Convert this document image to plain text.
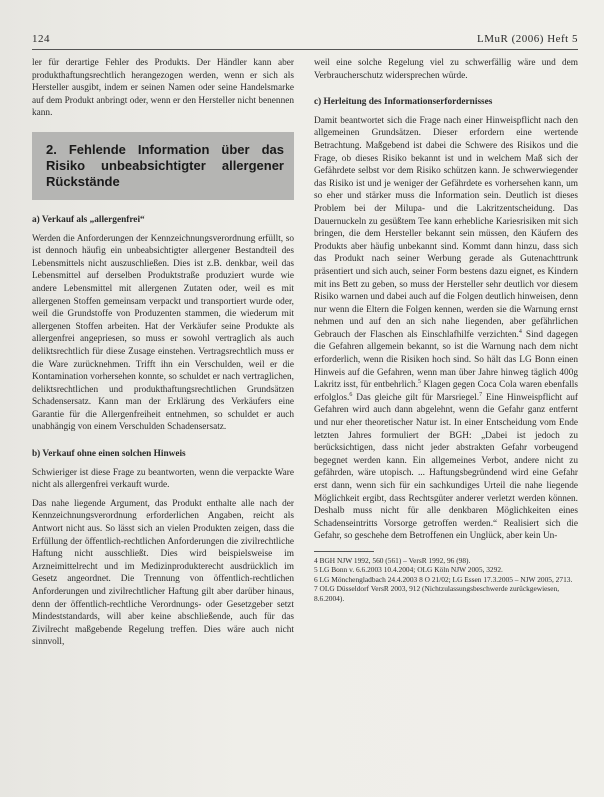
124	LMuR (2006) Heft 5

ler für derartige Fehler des Produkts. Der Händler kann aber produkthaftungsrechtlich herangezogen werden, wenn er sich als Hersteller ausgibt, indem er seinen Namen oder seine Handelsmarke auf dem Produkt anbringt oder, wenn er den Hersteller nicht benennen kann.

2. Fehlende Information über das Risiko unbeabsichtigter allergener Rückstände
a) Verkauf als „allergenfrei“

Werden die Anforderungen der Kennzeichnungsverordnung erfüllt, so ist dennoch häufig ein unbeabsichtigter allergener Bestandteil des Lebensmittels nicht auszuschließen. Dies ist z.B. denkbar, weil das Lebensmittel auf derselben Produktstraße produziert wurde wie andere Lebensmittel mit allergenen Zutaten oder, weil es mit allergenen Stoffen gemeinsam verpackt und transportiert wurde oder, weil die Grundstoffe von Produzenten stammen, die wiederum mit allergenen Stoffen arbeiten. Hat der Verkäufer seine Produkte als allergenfrei angepriesen, so muss er sowohl vertraglich als auch deliktsrechtlich für diese Zusage einstehen. Vertragsrechtlich muss er die Ware zurücknehmen. Trifft ihn ein Verschulden, weil er die Kontamination vorhersehen konnte, so schuldet er nach vertraglichen, deliktsrechtlichen und produkthaftungsrechtlichen Grundsätzen Schadensersatz. Kann man der Erklärung des Verkäufers eine Garantie für die Allergenfreiheit entnehmen, so schuldet er auch unabhängig von einem Verschulden Schadensersatz.

b) Verkauf ohne einen solchen Hinweis

Schwieriger ist diese Frage zu beantworten, wenn die verpackte Ware nicht als allergenfrei verkauft wurde.

Das nahe liegende Argument, das Produkt enthalte alle nach der Kennzeichnungsverordnung erforderlichen Angaben, reicht als Antwort nicht aus. So lässt sich an vielen Produkten zeigen, dass die Erfüllung der öffentlich-rechtlichen Anforderungen die zivilrechtliche Haftung nicht ausschließt. Dies wird beispielsweise im Arzneimittelrecht und im Medizinprodukterecht ausdrücklich im Gesetz angeordnet. Die Trennung von öffentlich-rechtlichen Anforderungen und zivilrechtlicher Haftung gilt aber darüber hinaus, denn der öffentlich-rechtliche Verordnungs- oder Gesetzgeber setzt Mindeststandards, will aber keine abschließende, auch für das Zivilrecht maßgebende Regelung treffen. Dies wäre auch nicht sinnvoll,

weil eine solche Regelung viel zu schwerfällig wäre und dem Verbraucherschutz widersprechen würde.

c) Herleitung des Informationserfordernisses

Damit beantwortet sich die Frage nach einer Hinweispflicht nach den allgemeinen Grundsätzen. Dieser erfordern eine wertende Betrachtung. Maßgebend ist dabei die Schwere des Risikos und die Frage, ob dieses Risiko bekannt ist und in welchem Maß sich der Gefährdete selbst vor dem Risiko schützen kann. Je schwerwiegender das Risiko ist und je weniger der Gefährdete es vorhersehen kann, um so eher und stärker muss die Information sein. Deutlich ist dieses Problem bei der Milupa- und die Lakritzentscheidung. Das Dauernuckeln zu gesüßtem Tee kann erhebliche Kariesrisiken mit sich bringen, die dem Hersteller bekannt sein müssen, den Käufern des Produkts aber häufig unbekannt sind. Kommt dann hinzu, dass sich das Produkt nach seiner Werbung gerade als Gutenachttrunk präsentiert und sich auch, seiner Form bestens dazu eignet, es Kindern mit ins Bett zu geben, so muss der Hersteller sehr deutlich vor diesem Risiko warnen und dabei auch auf die Folgen deutlich hinweisen, denn nur wenn die Eltern die Folgen kennen, werden sie die Warnung ernst nehmen und auf den an sich nahe liegenden, aber gefährlichen Gebrauch der Flaschen als Einschlafhilfe verzichten.$^4$ Sind dagegen die Gefahren allgemein bekannt, so ist die Warnung nach dem nicht erforderlich, wenn die Risiken hoch sind. So hält das LG Bonn einen Hinweis auf die Gefahren, wenn man über Jahre hinweg täglich 400g Lakritz isst, für entbehrlich.$^5$ Klagen gegen Coca Cola waren ebenfalls erfolglos.$^6$ Das gleiche gilt für Marsriegel.$^7$ Eine Hinweispflicht auf Gefahren wird auch dann abgelehnt, wenn die Gefahr ganz entfernt und nur eher theoretischer Natur ist. In einer Entscheidung vom Ende letzten Jahres formuliert der BGH: „Dabei ist jedoch zu berücksichtigen, dass nicht jeder abstrakten Gefahr vorbeugend begegnet werden kann. Ein allgemeines Verbot, andere nicht zu gefährden, wäre utopisch. ... Haftungsbegründend wird eine Gefahr erst dann, wenn sich für ein sachkundiges Urteil die nahe liegende Möglichkeit ergibt, dass Rechtsgüter anderer verletzt werden können. Deshalb muss nicht für alle denkbaren Möglichkeiten eines Schadenseintritts Vorsorge getroffen werden.“ Realisiert sich die Gefahr, so geschehe dem Betroffenen ein Unglück, aber kein Un-

4 BGH NJW 1992, 560 (561) – VersR 1992, 96 (98).

5 LG Bonn v. 6.6.2003 10.4.2004; OLG Köln NJW 2005, 3292.

6 LG Mönchengladbach 24.4.2003 8 O 21/02; LG Essen 17.3.2005 – NJW 2005, 2713.

7 OLG Düsseldorf VersR 2003, 912 (Nichtzulassungsbeschwerde zurückgewiesen, 8.6.2004).
